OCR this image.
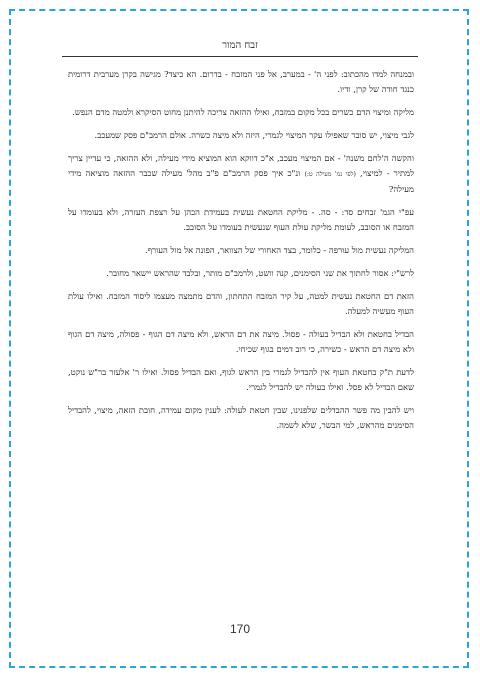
זבח המור

ובמנחה למדו מהכתוב: לפני ה' - במערב, אל פני המזבח - בדרום. הא כיצד? מגישה בקרן מערבית דרומית כנגד חודה של קרן, ודיו.

מליקה ומיצוי הדם כשרים בכל מקום במזבח, ואילו ההזאה צריכה להיתנן מחוט הסיקרא ולמטה מדם הנפש.

לגבי מיצוי, יש סובר שאפילו עקר המיצוי לגמרי, היזה ולא מיצה כשרה. אולם הרמב"ם פסק שמעכב.

והקשה ה'לחם משנה' - אם המיצוי מעכב, א"כ דווקא הוא המוציא מידי מעילה, ולא ההזאה, כי עדיין צריך למתיר - למיצוי, (לפי נמ' מעילה ט:) ונ"כ איך פסק הרמב"ם פ"ב מהל' מעילה שכבר ההזאה מוציאה מידי מעילה?

עפ"י הגמ' זבחים סד: - סה. - מליקת החטאת נעשית בעמידת הכהן על רצפת העזרה, ולא בעומדו על המזבח או הסובב, לעומת מליקת עולת העוף שנעשית בעומדו על הסובב.

המליקה נעשית מול עורפה - כלומר, בצד האחורי של הצוואר, הפונה אל מול העורף.

לרש"י: אסור לחתוך את שני הסימנים, קנה וושט, ולרמב"ם מותר, ובלבד שהראש יישאר מחובר.

הזאת דם החטאת נעשית למטה, על קיר המזבח התחתון, והדם מתמצה מעצמו ליסוד המזבח. ואילו עולת העוף מעשיה למעלה.

הבדיל בחטאת ולא הבדיל בעולה - פסול. מיצה את דם הראש, ולא מיצה דם הגוף - פסולה, מיצה דם הגוף ולא מיצה דם הראש - כשירה, כי רוב דמים בגוף שכיחי.

לדעת ת"ק בחטאת העוף אין להבדיל לגמרי בין הראש לגוף, ואם הבדיל פסול. ואילו ר' אלעזר בר"ש נוקט, שאם הבדיל לא פסל. ואילו בעולה יש להבדיל לגמרי.

ויש להבין מה פשר ההבדלים שלפנינו, שבין חטאת לעולה: לענין מקום עמידה, חובת הזאה, מיצוי, להבדיל הסימנים מהראש, למי הבשר, שלא לשמה.

170
